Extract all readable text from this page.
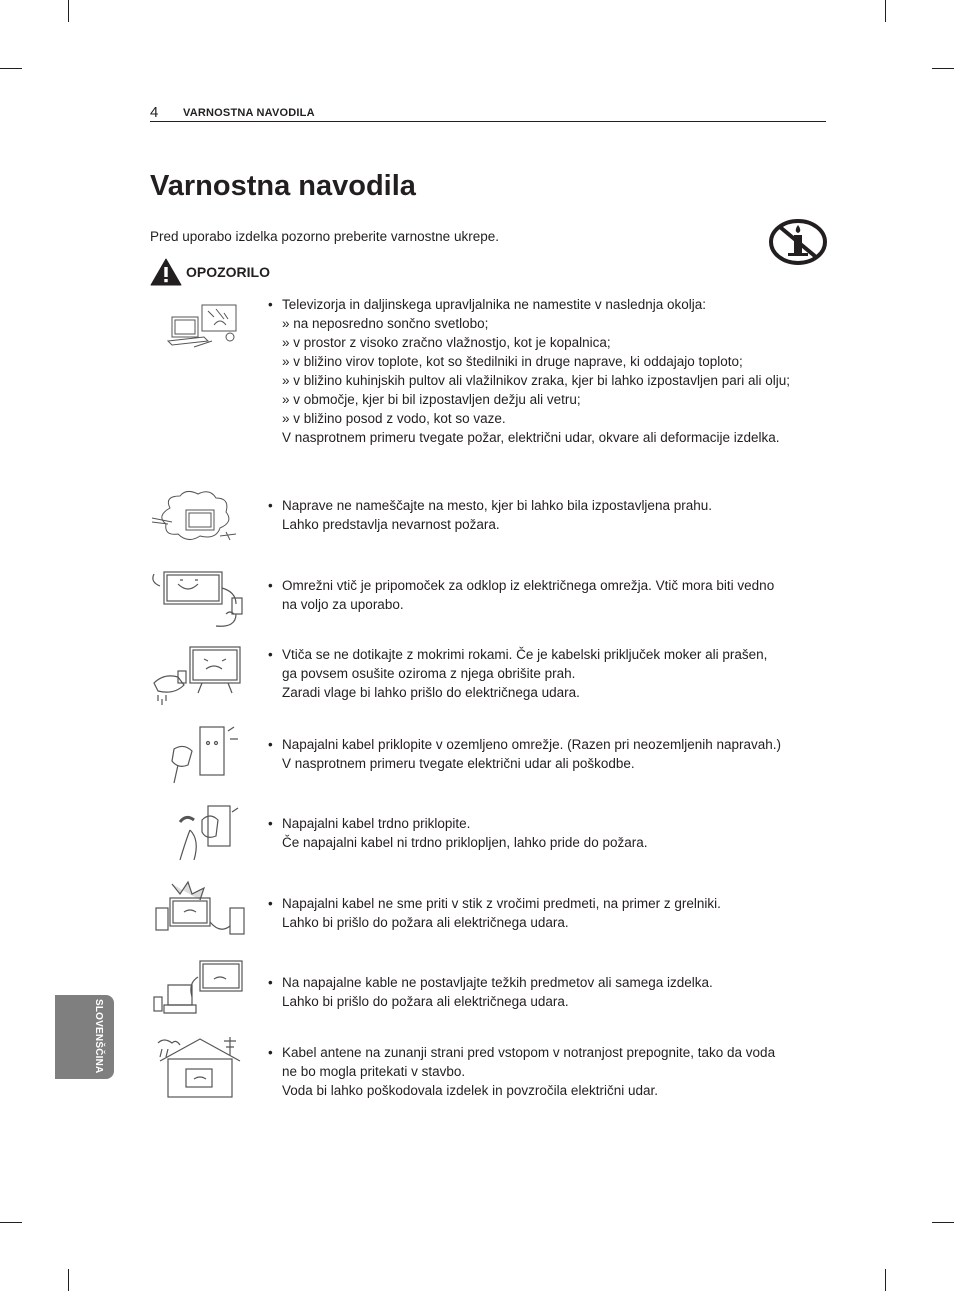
4 VARNOSTNA NAVODILA
Varnostna navodila
Pred uporabo izdelka pozorno preberite varnostne ukrepe.
OPOZORILO
• Televizorja in daljinskega upravljalnika ne namestite v naslednja okolja:
» na neposredno sončno svetlobo;
» v prostor z visoko zračno vlažnostjo, kot je kopalnica;
» v bližino virov toplote, kot so štedilniki in druge naprave, ki oddajajo toploto;
» v bližino kuhinjskih pultov ali vlažilnikov zraka, kjer bi lahko izpostavljen pari ali olju;
» v območje, kjer bi bil izpostavljen dežju ali vetru;
» v bližino posod z vodo, kot so vaze.
V nasprotnem primeru tvegate požar, električni udar, okvare ali deformacije izdelka.
• Naprave ne nameščajte na mesto, kjer bi lahko bila izpostavljena prahu.
Lahko predstavlja nevarnost požara.
• Omrežni vtič je pripomoček za odklop iz električnega omrežja. Vtič mora biti vedno
na voljo za uporabo.
• Vtiča se ne dotikajte z mokrimi rokami. Če je kabelski priključek moker ali prašen,
ga povsem osušite oziroma z njega obrišite prah.
Zaradi vlage bi lahko prišlo do električnega udara.
• Napajalni kabel priklopite v ozemljeno omrežje. (Razen pri neozemljenih napravah.)
V nasprotnem primeru tvegate električni udar ali poškodbe.
• Napajalni kabel trdno priklopite.
Če napajalni kabel ni trdno priklopljen, lahko pride do požara.
• Napajalni kabel ne sme priti v stik z vročimi predmeti, na primer z grelniki.
Lahko bi prišlo do požara ali električnega udara.
• Na napajalne kable ne postavljajte težkih predmetov ali samega izdelka.
Lahko bi prišlo do požara ali električnega udara.
• Kabel antene na zunanji strani pred vstopom v notranjost prepognite, tako da voda
ne bo mogla pritekati v stavbo.
Voda bi lahko poškodovala izdelek in povzročila električni udar.
SLOVENŠČINA
